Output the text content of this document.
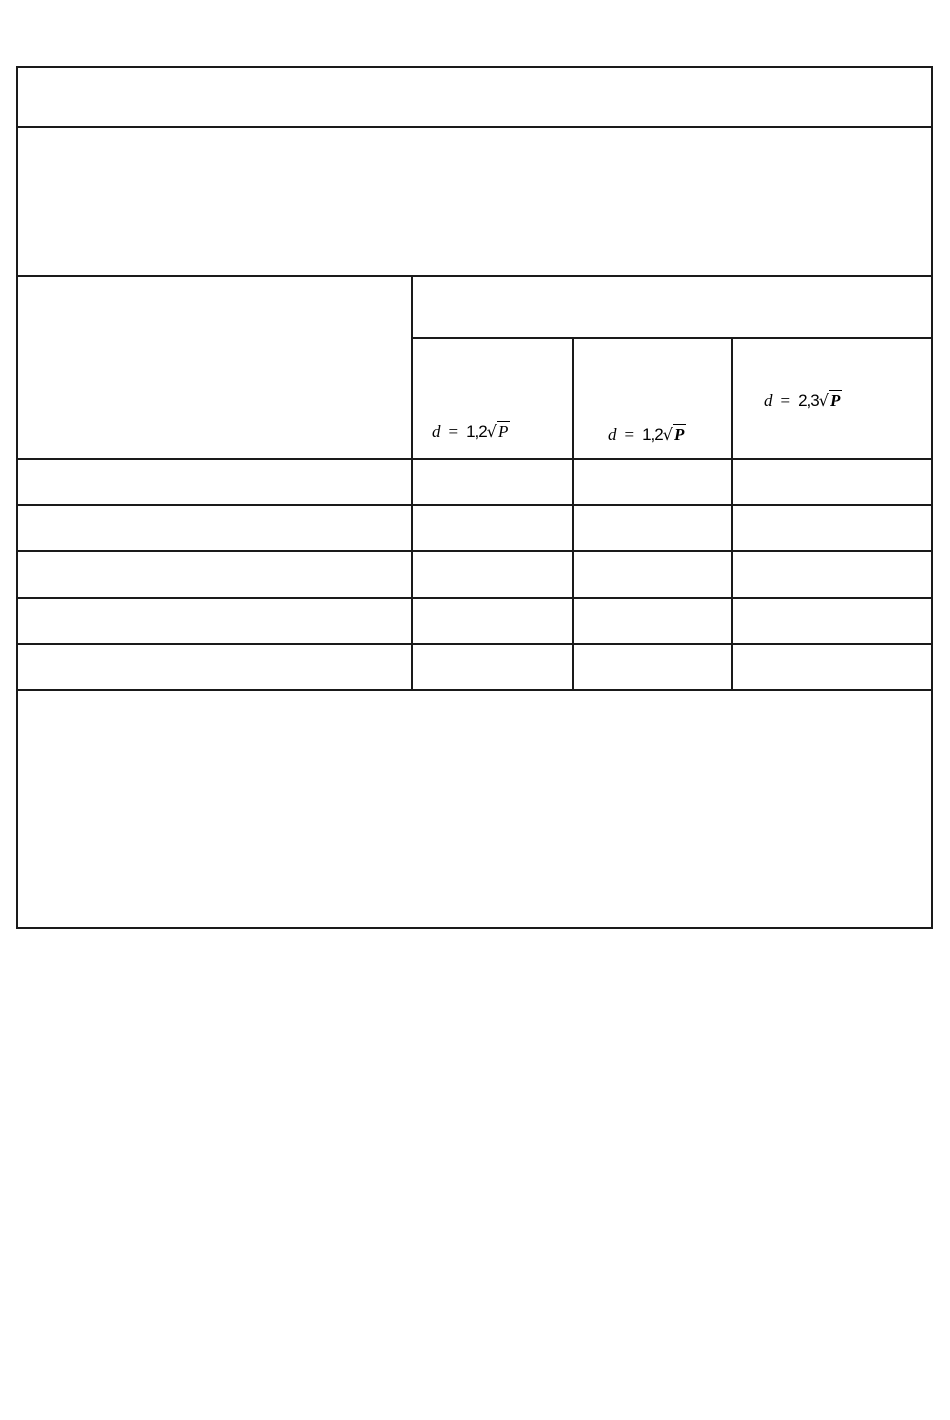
d = 1,2√P	d = 1,2√P
d = 2,3√P
